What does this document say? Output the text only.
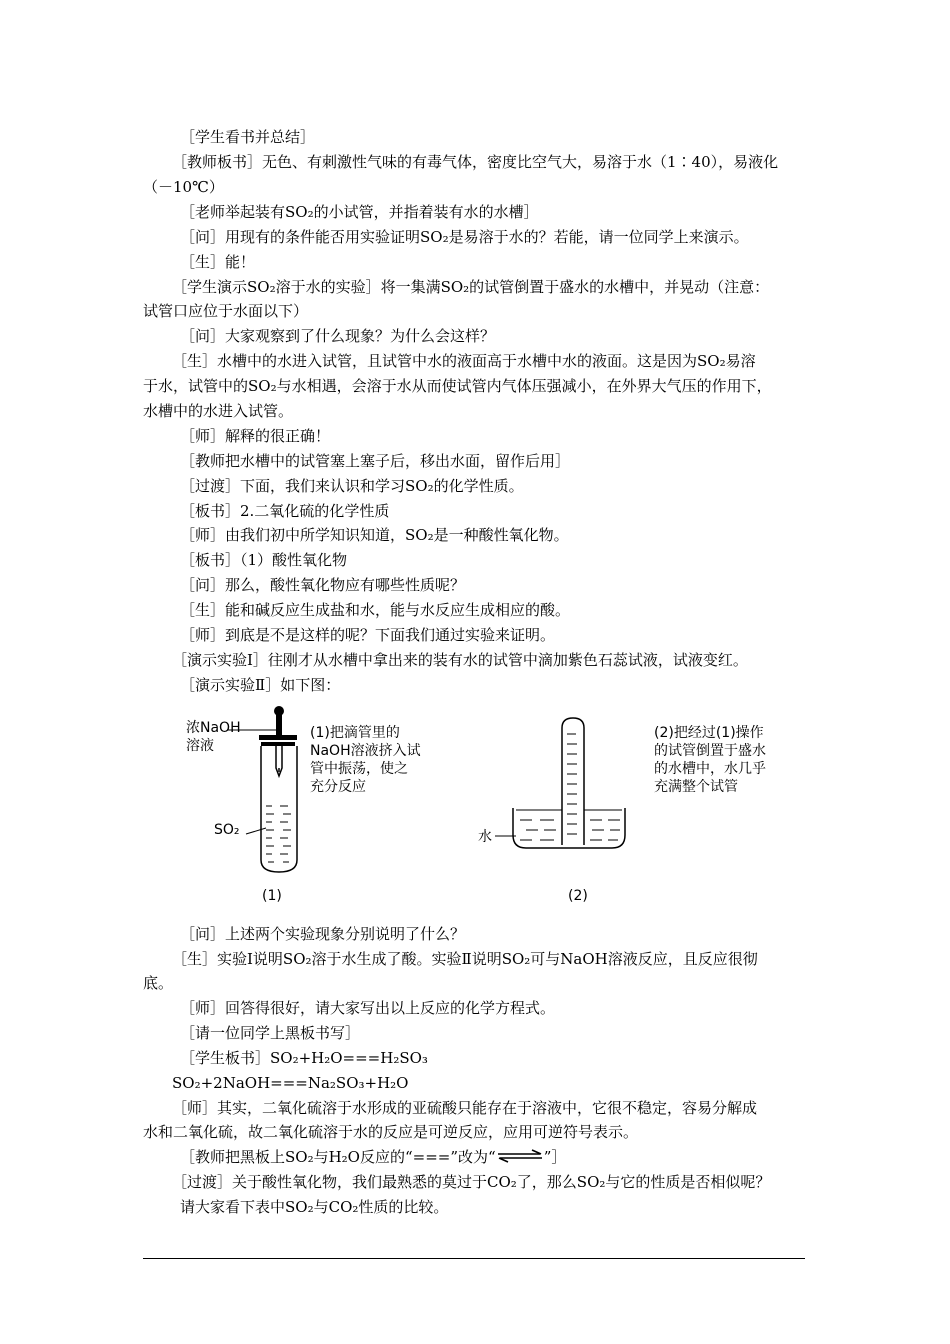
［学生看书并总结］
［教师板书］无色、有刺激性气味的有毒气体，密度比空气大，易溶于水（1∶40），易液化
（－10℃）
［老师举起装有SO₂的小试管，并指着装有水的水槽］
［问］用现有的条件能否用实验证明SO₂是易溶于水的？若能，请一位同学上来演示。
［生］能！
［学生演示SO₂溶于水的实验］将一集满SO₂的试管倒置于盛水的水槽中，并晃动（注意：
试管口应位于水面以下）
［问］大家观察到了什么现象？为什么会这样？
［生］水槽中的水进入试管，且试管中水的液面高于水槽中水的液面。这是因为SO₂易溶
于水，试管中的SO₂与水相遇，会溶于水从而使试管内气体压强减小，在外界大气压的作用下，
水槽中的水进入试管。
［师］解释的很正确！
［教师把水槽中的试管塞上塞子后，移出水面，留作后用］
［过渡］下面，我们来认识和学习SO₂的化学性质。
［板书］2.二氧化硫的化学性质
［师］由我们初中所学知识知道，SO₂是一种酸性氧化物。
［板书］（1）酸性氧化物
［问］那么，酸性氧化物应有哪些性质呢？
［生］能和碱反应生成盐和水，能与水反应生成相应的酸。
［师］到底是不是这样的呢？下面我们通过实验来证明。
［演示实验Ⅰ］往刚才从水槽中拿出来的装有水的试管中滴加紫色石蕊试液，试液变红。
［演示实验Ⅱ］如下图：
浓NaOH
溶液
SO₂
(1)把滴管里的
NaOH溶液挤入试
管中振荡，使之
充分反应
(1)
水
(2)把经过(1)操作
的试管倒置于盛水
的水槽中，水几乎
充满整个试管
(2)
［问］上述两个实验现象分别说明了什么？
［生］实验Ⅰ说明SO₂溶于水生成了酸。实验Ⅱ说明SO₂可与NaOH溶液反应，且反应很彻
底。
［师］回答得很好，请大家写出以上反应的化学方程式。
［请一位同学上黑板书写］
［学生板书］SO₂+H₂O===H₂SO₃
SO₂+2NaOH===Na₂SO₃+H₂O
［师］其实，二氧化硫溶于水形成的亚硫酸只能存在于溶液中，它很不稳定，容易分解成
水和二氧化硫，故二氧化硫溶于水的反应是可逆反应，应用可逆符号表示。
［教师把黑板上SO₂与H₂O反应的“===”改为“⇌”］
［过渡］关于酸性氧化物，我们最熟悉的莫过于CO₂了，那么SO₂与它的性质是否相似呢？
请大家看下表中SO₂与CO₂性质的比较。
